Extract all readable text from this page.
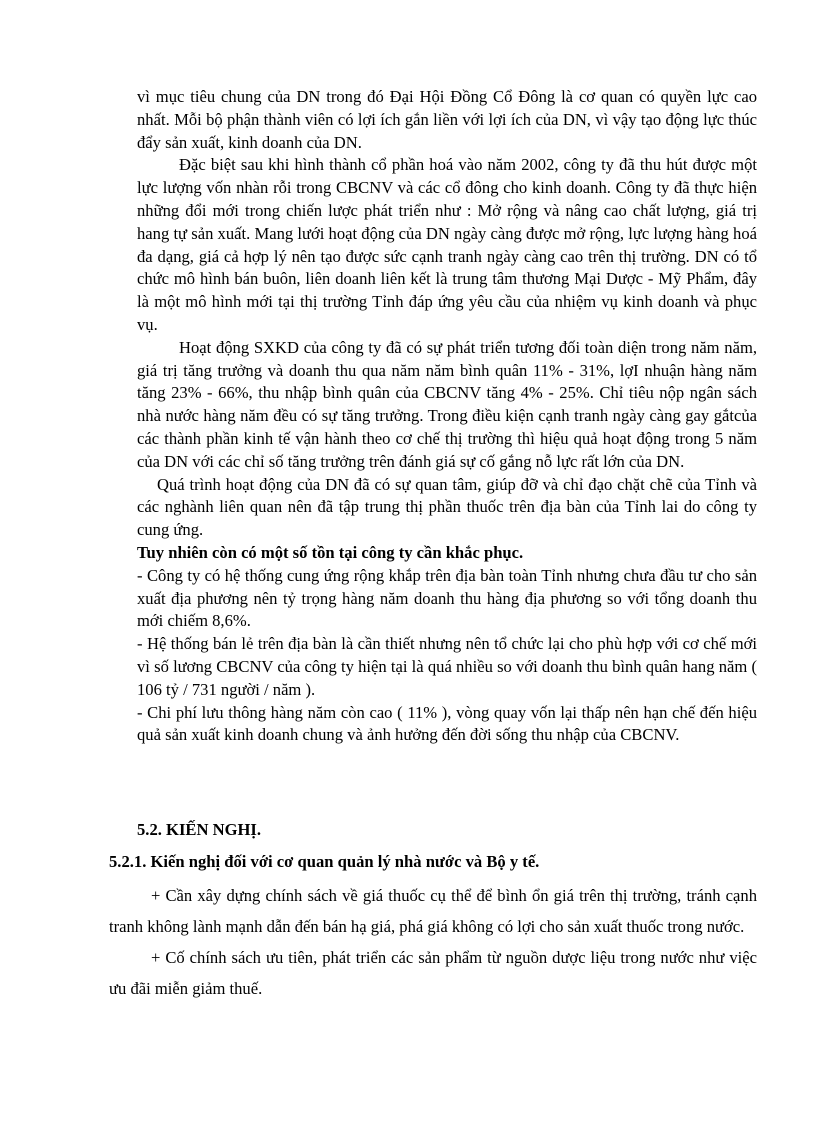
vì mục tiêu chung của DN trong đó Đại Hội Đồng Cổ Đông là cơ quan có quyền lực cao nhất. Mỗi bộ phận thành viên có lợi ích gắn liền với lợi ích của DN, vì vậy tạo động lực thúc đẩy sản xuất, kinh doanh của DN.

Đặc biệt sau khi hình thành cổ phần hoá vào năm 2002, công ty đã thu hút được một lực lượng vốn nhàn rỗi trong CBCNV và các cổ đông cho kinh doanh. Công ty đã thực hiện những đổi mới trong chiến lược phát triển như : Mở rộng và nâng cao chất lượng, giá trị hang tự sản xuất. Mang lưới hoạt động của DN ngày càng được mở rộng, lực lượng hàng hoá đa dạng, giá cả hợp lý nên tạo được sức cạnh tranh ngày càng cao trên thị trường. DN có tổ chức mô hình bán buôn, liên doanh liên kết là trung tâm thương Mại Dược - Mỹ Phẩm, đây là một mô hình mới tại thị trường Tỉnh đáp ứng yêu cầu của nhiệm vụ kinh doanh và phục vụ.

Hoạt động SXKD của công ty đã có sự phát triển tương đối toàn diện trong năm năm, giá trị tăng trưởng và doanh thu qua năm năm bình quân 11% - 31%, lợI nhuận hàng năm tăng 23% - 66%, thu nhập bình quân của CBCNV tăng 4% - 25%. Chỉ tiêu nộp ngân sách nhà nước hàng năm đều có sự tăng trưởng. Trong điều kiện cạnh tranh ngày càng gay gắtcủa các thành phần kinh tế vận hành theo cơ chế thị trường thì hiệu quả hoạt động trong 5 năm của DN với các chỉ số tăng trưởng trên đánh giá sự cố gắng nỗ lực rất lớn của DN.

Quá trình hoạt động của DN đã có sự quan tâm, giúp đỡ và chỉ đạo chặt chẽ của Tỉnh và các nghành liên quan nên đã tập trung thị phần thuốc trên địa bàn của Tỉnh lai do công ty cung ứng.

Tuy nhiên còn có một số tồn tại công ty cần khắc phục.

- Công ty có hệ thống cung ứng rộng khắp trên địa bàn toàn Tỉnh nhưng chưa đầu tư cho sản xuất địa phương nên tỷ trọng hàng năm doanh thu hàng địa phương so với tổng doanh thu mới chiếm 8,6%.

- Hệ thống bán lẻ trên địa bàn là cần thiết nhưng nên tổ chức lại cho phù hợp với cơ chế mới vì số lương CBCNV của công ty hiện tại là quá nhiều so với doanh thu bình quân hang năm ( 106 tỷ / 731 người / năm ).

- Chi phí lưu thông hàng năm còn cao ( 11% ), vòng quay vốn lại thấp nên hạn chế đến hiệu quả sản xuất kinh doanh chung và ảnh hưởng đến đời sống thu nhập của CBCNV.

5.2. KIẾN NGHỊ.
5.2.1. Kiến nghị đối với cơ quan quản lý nhà nước và Bộ y tế.

+ Cần xây dựng chính sách về giá thuốc cụ thể để bình ổn giá trên thị trường, tránh cạnh tranh không lành mạnh dẫn đến bán hạ giá, phá giá không có lợi cho sản xuất thuốc trong nước.

+ Cố chính sách ưu tiên, phát triển các sản phẩm từ nguồn dược liệu trong nước như việc ưu đãi miễn giảm thuế.
